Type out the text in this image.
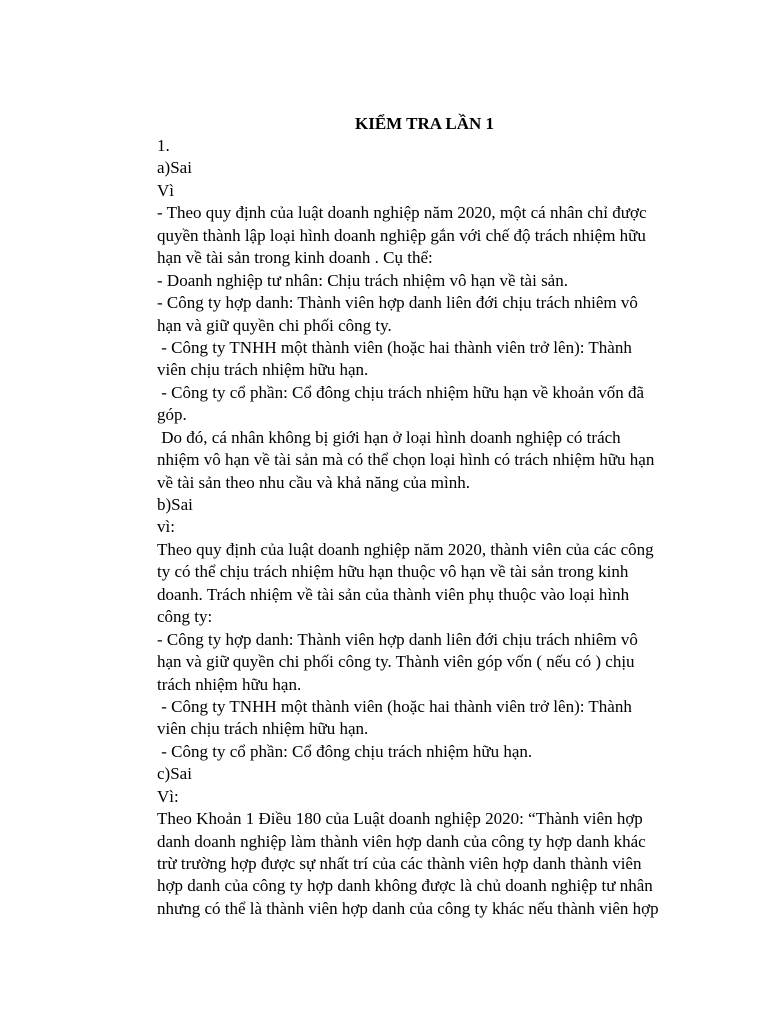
KIỂM TRA LẦN 1
1.
a)Sai
Vì
- Theo quy định của luật doanh nghiệp năm 2020, một cá nhân chỉ được
quyền thành lập loại hình doanh nghiệp gắn với chế độ trách nhiệm hữu
hạn về tài sản trong kinh doanh . Cụ thể:
- Doanh nghiệp tư nhân: Chịu trách nhiệm vô hạn về tài sản.
- Công ty hợp danh: Thành viên hợp danh liên đới chịu trách nhiêm vô
hạn và giữ quyền chi phối công ty.
- Công ty TNHH một thành viên (hoặc hai thành viên trở lên): Thành
viên chịu trách nhiệm hữu hạn.
- Công ty cổ phần: Cổ đông chịu trách nhiệm hữu hạn về khoản vốn đã
góp.
Do đó, cá nhân không bị giới hạn ở loại hình doanh nghiệp có trách
nhiệm vô hạn về tài sản mà có thể chọn loại hình có trách nhiệm hữu hạn
về tài sản theo nhu cầu và khả năng của mình.
b)Sai
vì:
Theo quy định của luật doanh nghiệp năm 2020, thành viên của các công
ty có thể chịu trách nhiệm hữu hạn thuộc vô hạn về tài sản trong kinh
doanh. Trách nhiệm về tài sản của thành viên phụ thuộc vào loại hình
công ty:
- Công ty hợp danh: Thành viên hợp danh liên đới chịu trách nhiêm vô
hạn và giữ quyền chi phối công ty. Thành viên góp vốn ( nếu có ) chịu
trách nhiệm hữu hạn.
- Công ty TNHH một thành viên (hoặc hai thành viên trở lên): Thành
viên chịu trách nhiệm hữu hạn.
- Công ty cổ phần: Cổ đông chịu trách nhiệm hữu hạn.
c)Sai
Vì:
Theo Khoản 1 Điều 180 của Luật doanh nghiệp 2020: “Thành viên hợp
danh doanh nghiệp làm thành viên hợp danh của công ty hợp danh khác
trừ trường hợp được sự nhất trí của các thành viên hợp danh thành viên
hợp danh của công ty hợp danh không được là chủ doanh nghiệp tư nhân
nhưng có thể là thành viên hợp danh của công ty khác nếu thành viên hợp
